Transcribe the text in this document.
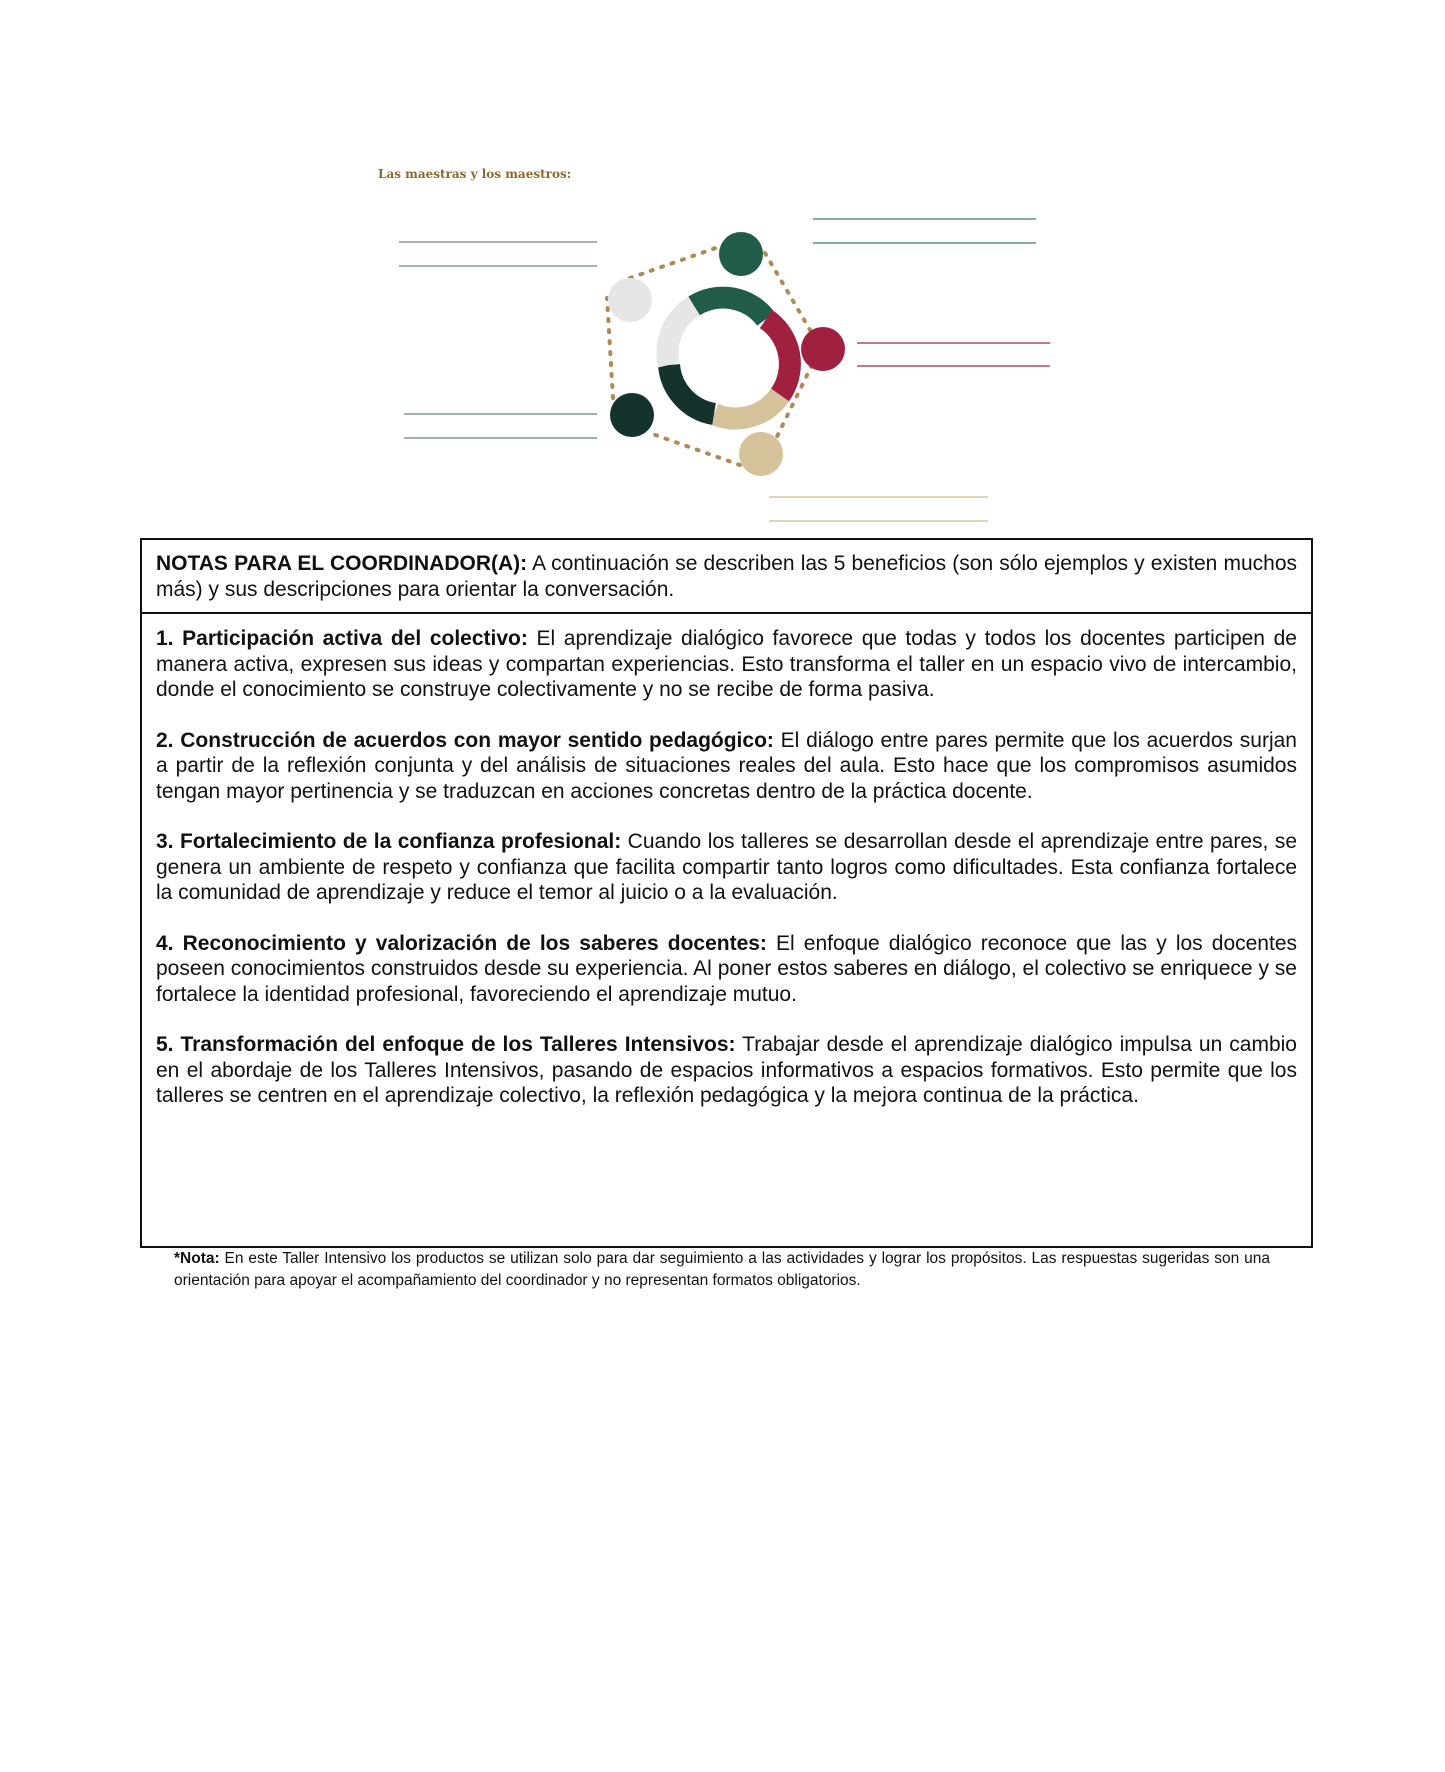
Las maestras y los maestros:
NOTAS PARA EL COORDINADOR(A): A continuación se describen las 5 beneficios (son sólo ejemplos y existen muchos más) y sus descripciones para orientar la conversación.

1. Participación activa del colectivo: El aprendizaje dialógico favorece que todas y todos los docentes participen de manera activa, expresen sus ideas y compartan experiencias. Esto transforma el taller en un espacio vivo de intercambio, donde el conocimiento se construye colectivamente y no se recibe de forma pasiva.

2. Construcción de acuerdos con mayor sentido pedagógico: El diálogo entre pares permite que los acuerdos surjan a partir de la reflexión conjunta y del análisis de situaciones reales del aula. Esto hace que los compromisos asumidos tengan mayor pertinencia y se traduzcan en acciones concretas dentro de la práctica docente.

3. Fortalecimiento de la confianza profesional: Cuando los talleres se desarrollan desde el aprendizaje entre pares, se genera un ambiente de respeto y confianza que facilita compartir tanto logros como dificultades. Esta confianza fortalece la comunidad de aprendizaje y reduce el temor al juicio o a la evaluación.

4. Reconocimiento y valorización de los saberes docentes: El enfoque dialógico reconoce que las y los docentes poseen conocimientos construidos desde su experiencia. Al poner estos saberes en diálogo, el colectivo se enriquece y se fortalece la identidad profesional, favoreciendo el aprendizaje mutuo.

5. Transformación del enfoque de los Talleres Intensivos: Trabajar desde el aprendizaje dialógico impulsa un cambio en el abordaje de los Talleres Intensivos, pasando de espacios informativos a espacios formativos. Esto permite que los talleres se centren en el aprendizaje colectivo, la reflexión pedagógica y la mejora continua de la práctica.

*Nota: En este Taller Intensivo los productos se utilizan solo para dar seguimiento a las actividades y lograr los propósitos. Las respuestas sugeridas son una orientación para apoyar el acompañamiento del coordinador y no representan formatos obligatorios.
